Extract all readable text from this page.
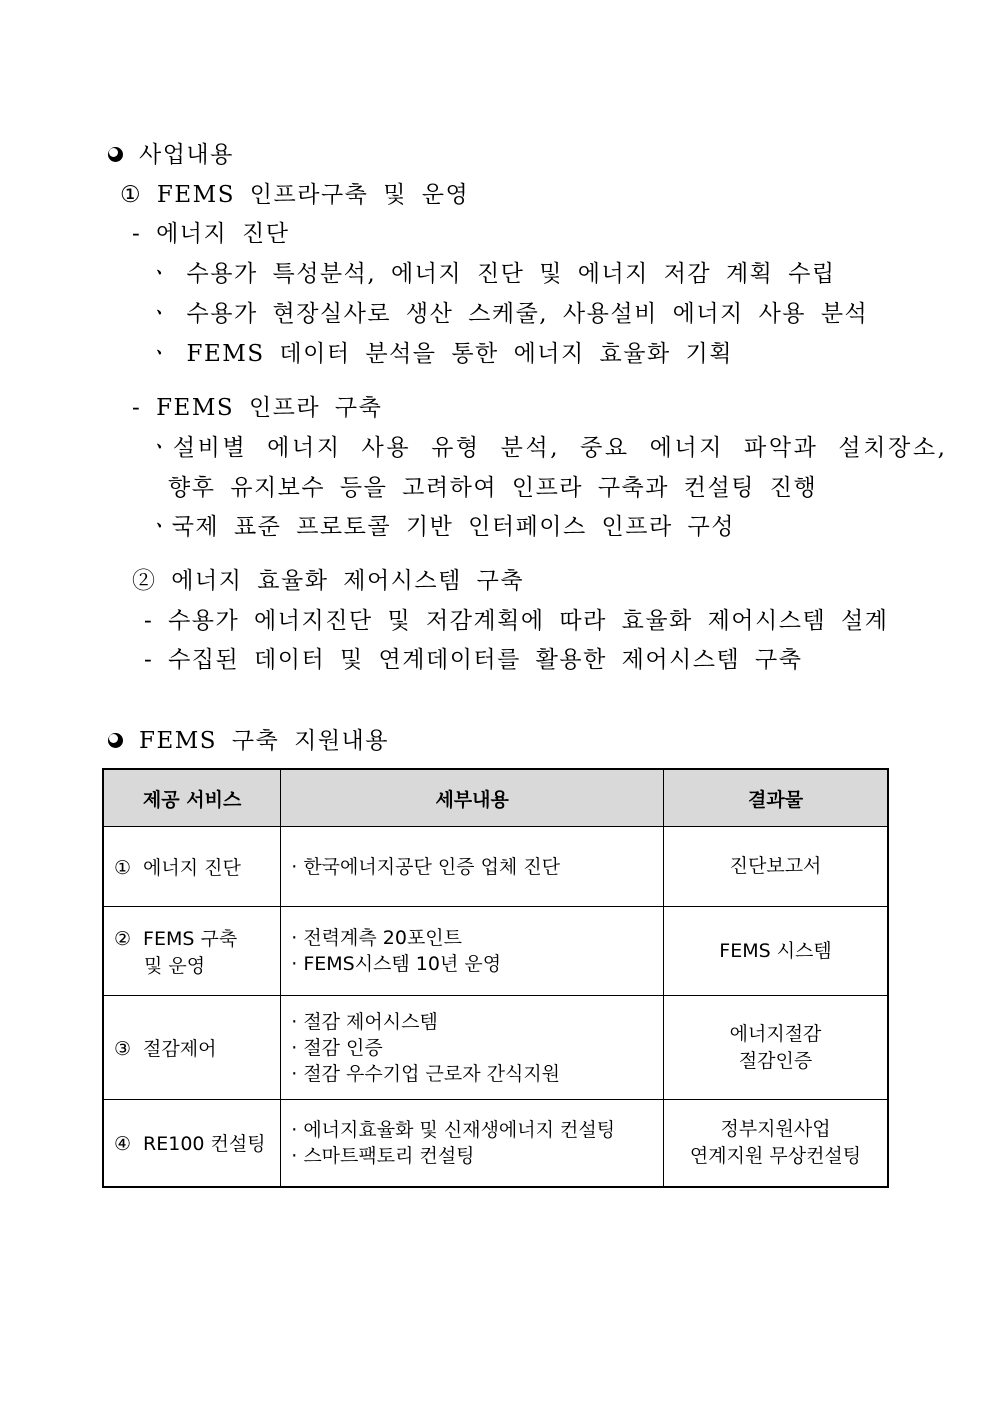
사업내용
① FEMS 인프라구축 및 운영
- 에너지 진단
ㆍ 수용가 특성분석, 에너지 진단 및 에너지 저감 계획 수립
ㆍ 수용가 현장실사로 생산 스케줄, 사용설비 에너지 사용 분석
ㆍ FEMS 데이터 분석을 통한 에너지 효율화 기획
- FEMS 인프라 구축
ㆍ설비별 에너지 사용 유형 분석, 중요 에너지 파악과 설치장소,
향후 유지보수 등을 고려하여 인프라 구축과 컨설팅 진행
ㆍ국제 표준 프로토콜 기반 인터페이스 인프라 구성
② 에너지 효율화 제어시스템 구축
- 수용가 에너지진단 및 저감계획에 따라 효율화 제어시스템 설계
- 수집된 데이터 및 연계데이터를 활용한 제어시스템 구축
FEMS 구축 지원내용
제공 서비스	세부내용	결과물
① 에너지 진단	· 한국에너지공단 인증 업체 진단	진단보고서

② FEMS 구축
및 운영	· 전력계측 20포인트
· FEMS시스템 10년 운영	FEMS 시스템

③ 절감제어	· 절감 제어시스템
· 절감 인증
· 절감 우수기업 근로자 간식지원	에너지절감
절감인증

④ RE100 컨설팅	· 에너지효율화 및 신재생에너지 컨설팅
· 스마트팩토리 컨설팅	정부지원사업
연계지원 무상컨설팅
